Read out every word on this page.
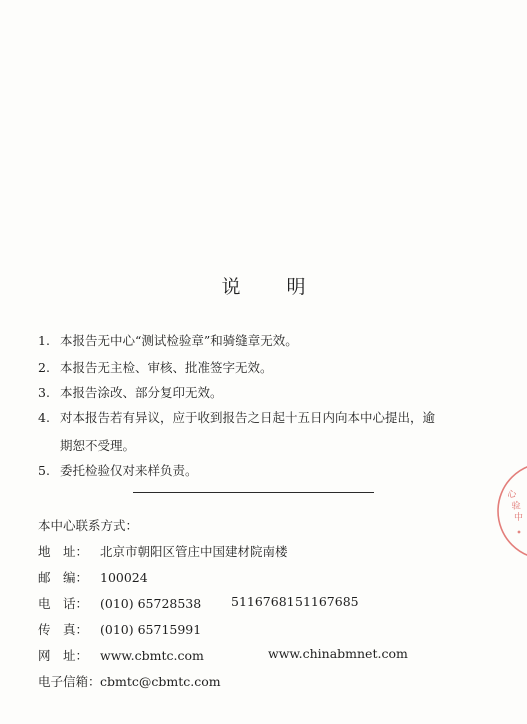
说 明
1. 本报告无中心“测试检验章”和骑缝章无效。
2. 本报告无主检、审核、批准签字无效。
3. 本报告涂改、部分复印无效。
4. 对本报告若有异议，应于收到报告之日起十五日内向本中心提出，逾
期恕不受理。
5. 委托检验仅对来样负责。
本中心联系方式：
地　址： 北京市朝阳区管庄中国建材院南楼
邮　编： 100024
电　话： (010) 65728538 51167681 51167685
传　真： (010) 65715991
网　址： www.cbmtc.com	www.chinabmnet.com
电子信箱：cbmtc@cbmtc.com
心
验
中
